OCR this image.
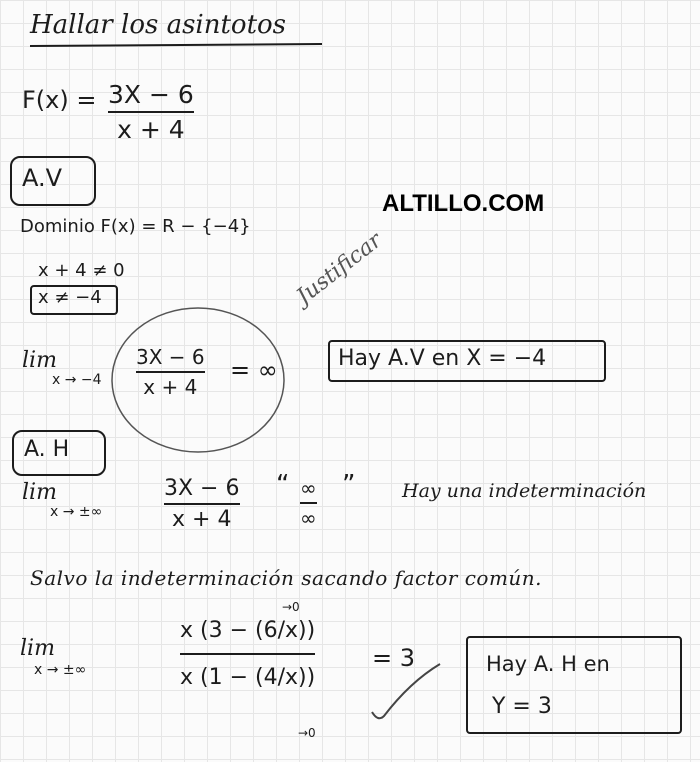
Hallar los asintotos
F(x) = 3X − 6
x + 4
A.V
ALTILLO.COM
Dominio F(x) = R − {−4}
x + 4 ≠ 0
x ≠ −4	Justificar
lim
x → −4
3X − 6
x + 4
= ∞	Hay A.V en X = −4
A. H
lim
x → ±∞
3X − 6
x + 4
“ ∞
∞
” Hay una indeterminación
Salvo la indeterminación sacando factor común.
lim
x → ±∞
→0
x (3 − (6/x))
x (1 − (4/x))
→0
= 3	Hay A. H en
Y = 3
